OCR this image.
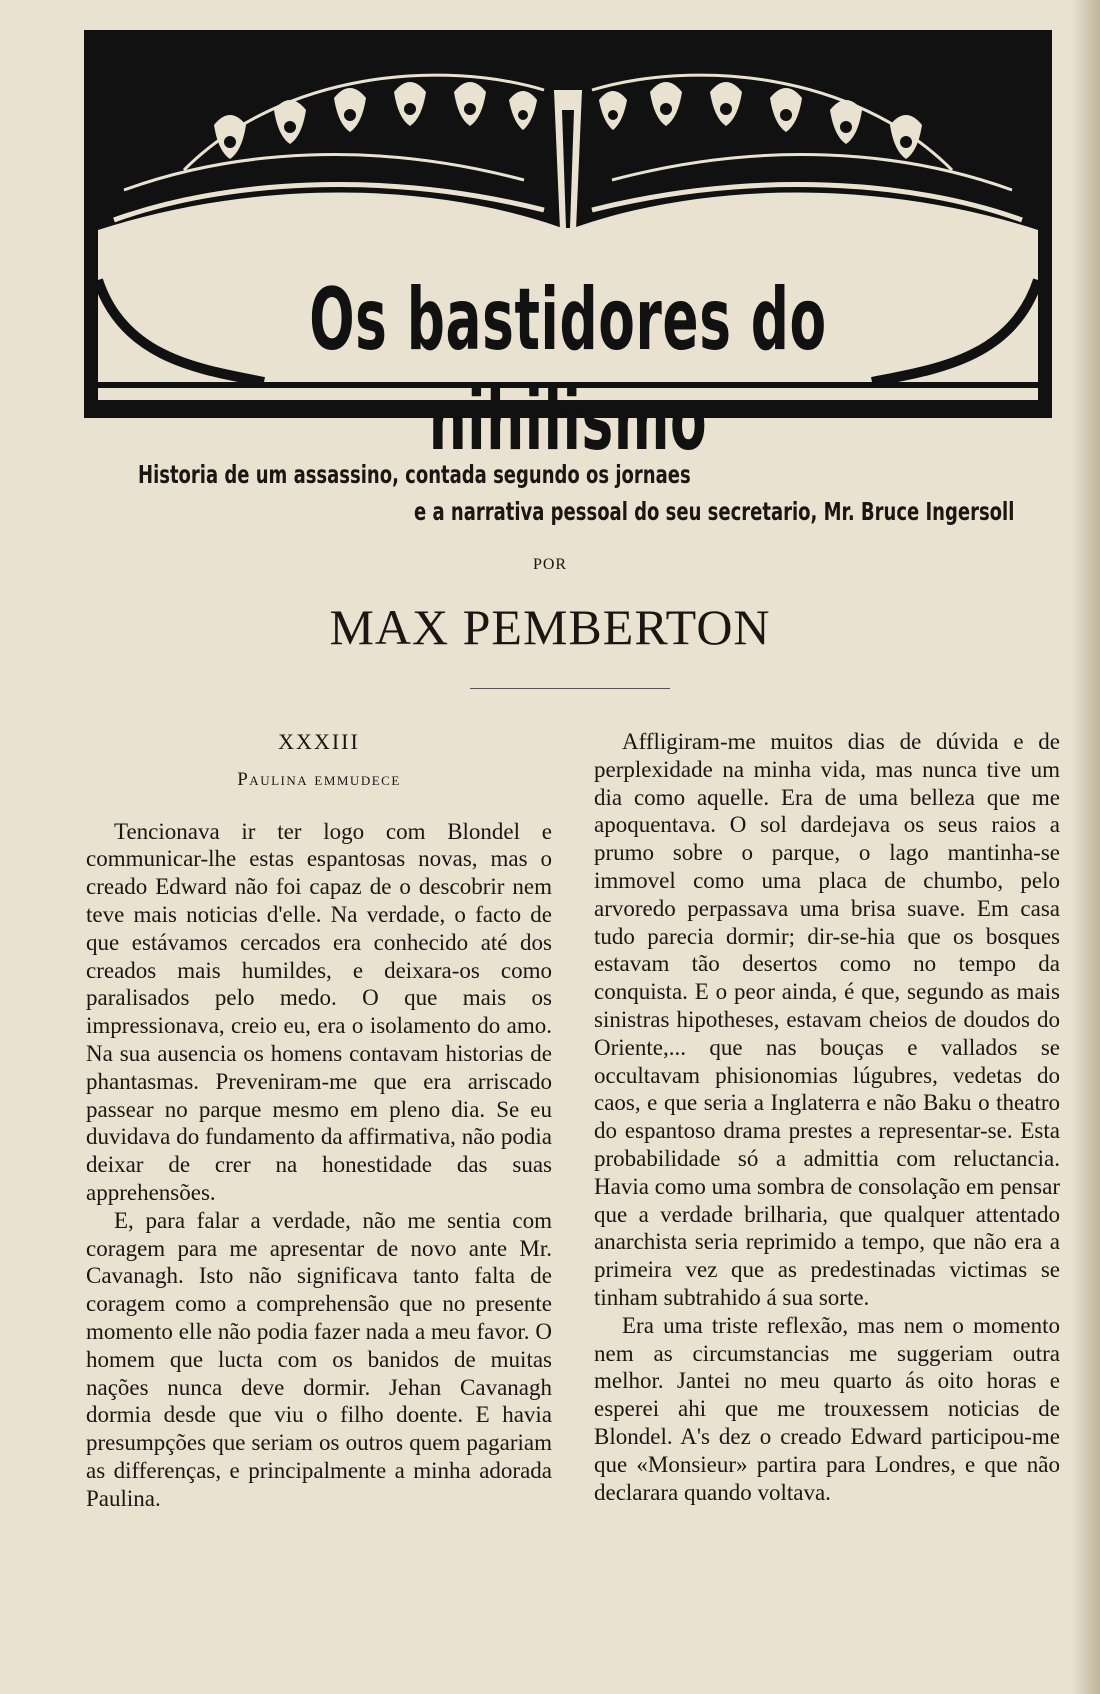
Os bastidores do nihilismo
Historia de um assassino, contada segundo os jornaes
e a narrativa pessoal do seu secretario, Mr. Bruce Ingersoll
POR
MAX PEMBERTON
XXXIII
Paulina emmudece

Tencionava ir ter logo com Blondel e communicar-lhe estas espantosas novas, mas o creado Edward não foi capaz de o descobrir nem teve mais noticias d'elle. Na verdade, o facto de que estávamos cercados era conhecido até dos creados mais humildes, e deixara-os como paralisados pelo medo. O que mais os impressionava, creio eu, era o isolamento do amo. Na sua ausencia os homens contavam historias de phantasmas. Preveniram-me que era arriscado passear no parque mesmo em pleno dia. Se eu duvidava do fundamento da affirmativa, não podia deixar de crer na honestidade das suas apprehensões.

E, para falar a verdade, não me sentia com coragem para me apresentar de novo ante Mr. Cavanagh. Isto não significava tanto falta de coragem como a comprehensão que no presente momento elle não podia fazer nada a meu favor. O homem que lucta com os banidos de muitas nações nunca deve dormir. Jehan Cavanagh dormia desde que viu o filho doente. E havia presumpções que seriam os outros quem pagariam as differenças, e principalmente a minha adorada Paulina.

Affligiram-me muitos dias de dúvida e de perplexidade na minha vida, mas nunca tive um dia como aquelle. Era de uma belleza que me apoquentava. O sol dardejava os seus raios a prumo sobre o parque, o lago mantinha-se immovel como uma placa de chumbo, pelo arvoredo perpassava uma brisa suave. Em casa tudo parecia dormir; dir-se-hia que os bosques estavam tão desertos como no tempo da conquista. E o peor ainda, é que, segundo as mais sinistras hipotheses, estavam cheios de doudos do Oriente,... que nas bouças e vallados se occultavam phisionomias lúgubres, vedetas do caos, e que seria a Inglaterra e não Baku o theatro do espantoso drama prestes a representar-se. Esta probabilidade só a admittia com reluctancia. Havia como uma sombra de consolação em pensar que a verdade brilharia, que qualquer attentado anarchista seria reprimido a tempo, que não era a primeira vez que as predestinadas victimas se tinham subtrahido á sua sorte.

Era uma triste reflexão, mas nem o momento nem as circumstancias me suggeriam outra melhor. Jantei no meu quarto ás oito horas e esperei ahi que me trouxessem noticias de Blondel. A's dez o creado Edward participou-me que «Monsieur» partira para Londres, e que não declarara quando voltava.
